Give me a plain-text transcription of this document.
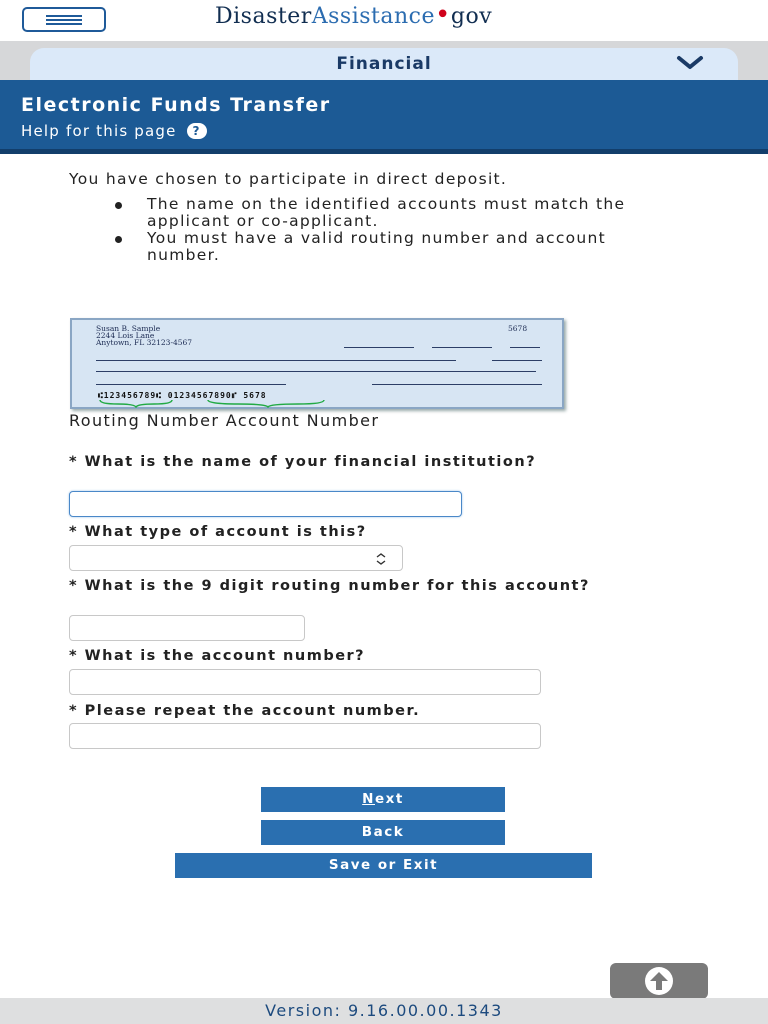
DisasterAssistance•gov
Financial
Electronic Funds Transfer
Help for this page	?
You have chosen to participate in direct deposit.
The name on the identified accounts must match the applicant or co-applicant.
You must have a valid routing number and account number.
Susan B. Sample
2244 Lois Lane
Anytown, FL 32123-4567
5678
⑆123456789⑆ 01234567890⑈ 5678
Routing Number Account Number
* What is the name of your financial institution?
* What type of account is this?
* What is the 9 digit routing number for this account?
* What is the account number?
* Please repeat the account number.
Next
Back
Save or Exit
Version: 9.16.00.00.1343
